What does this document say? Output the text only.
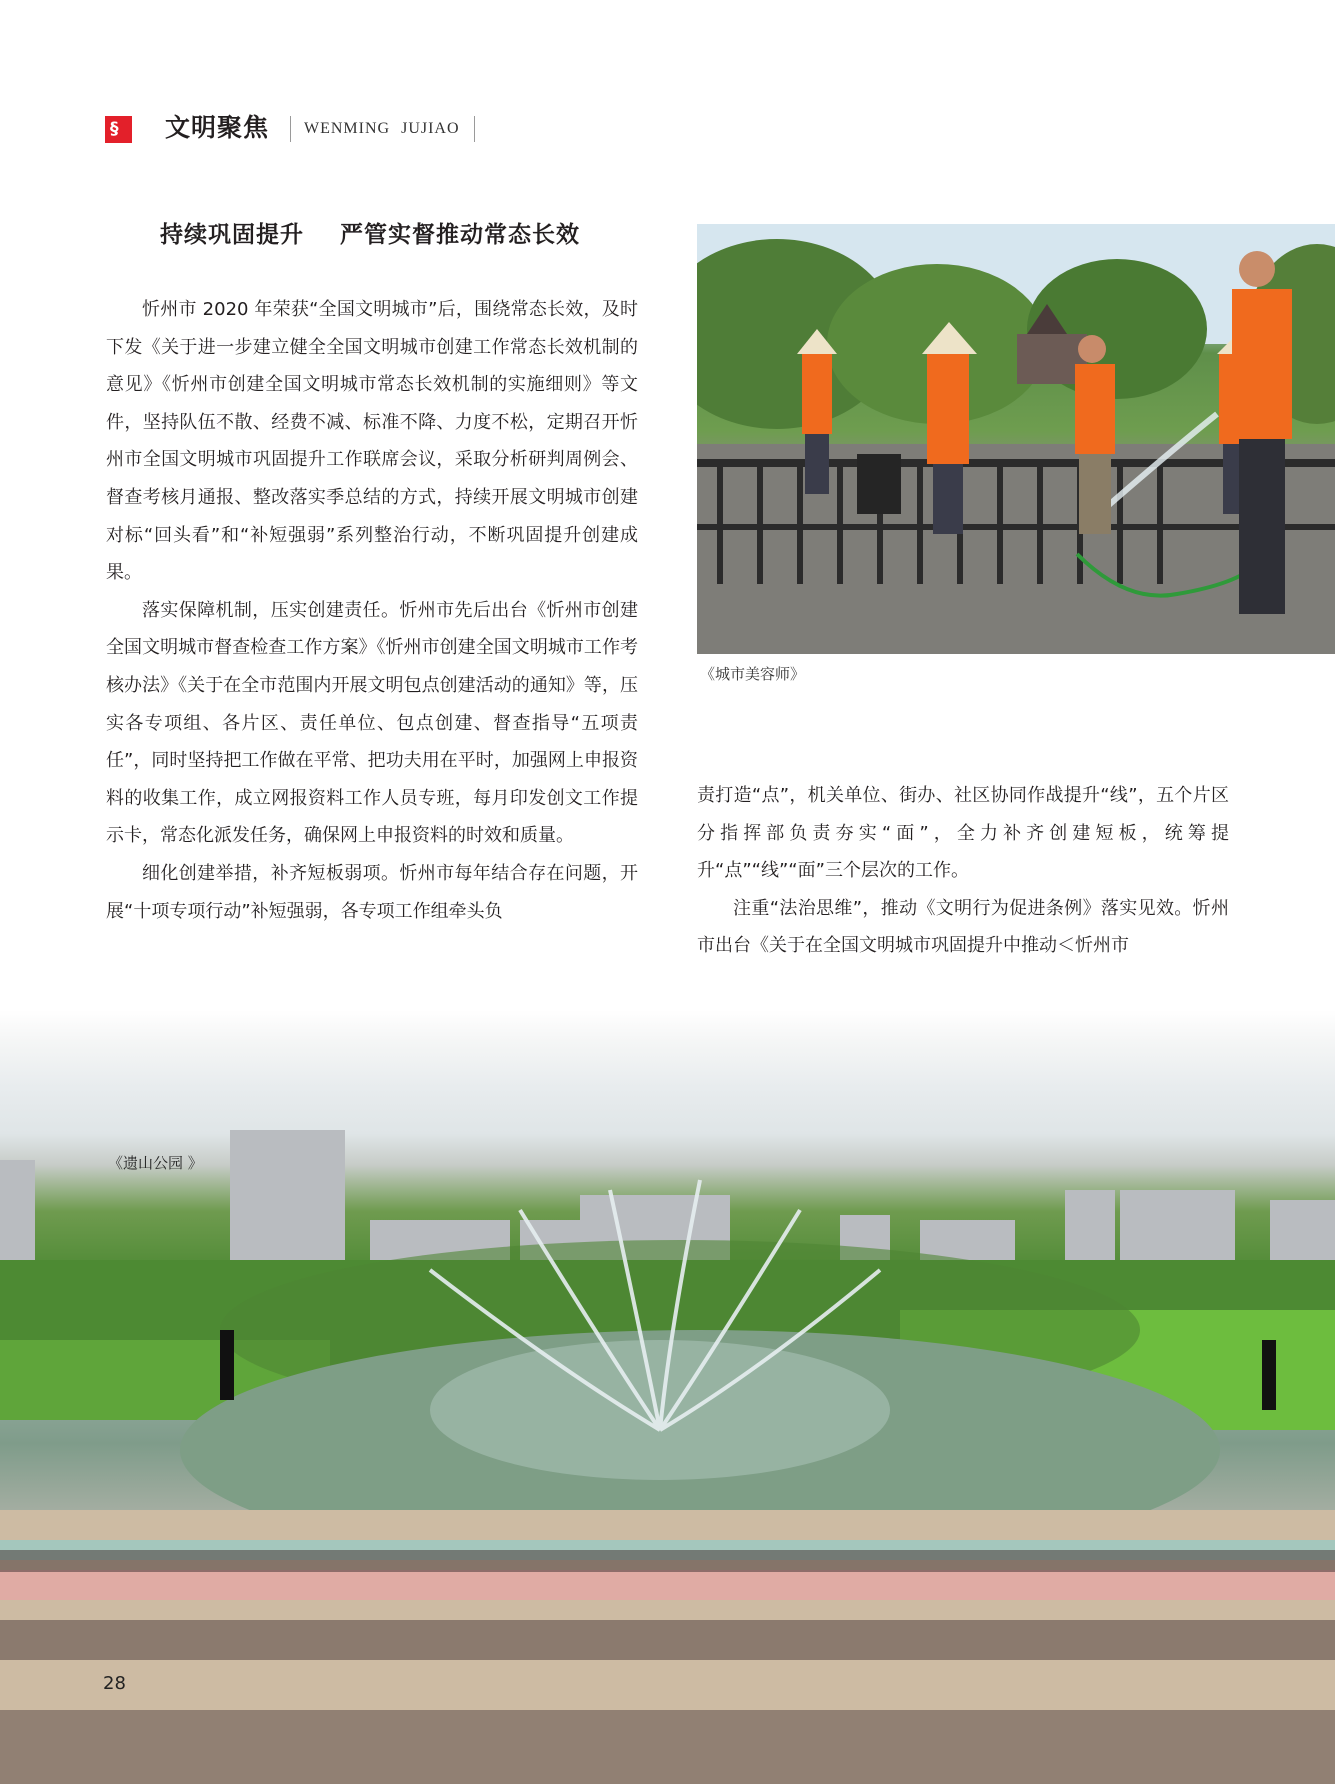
§ 文明聚焦 WENMING JUJIAO
持续巩固提升    严管实督推动常态长效

忻州市 2020 年荣获“全国文明城市”后，围绕常态长效，及时下发《关于进一步建立健全全国文明城市创建工作常态长效机制的意见》《忻州市创建全国文明城市常态长效机制的实施细则》等文件，坚持队伍不散、经费不减、标准不降、力度不松，定期召开忻州市全国文明城市巩固提升工作联席会议，采取分析研判周例会、督查考核月通报、整改落实季总结的方式，持续开展文明城市创建对标“回头看”和“补短强弱”系列整治行动，不断巩固提升创建成果。

落实保障机制，压实创建责任。忻州市先后出台《忻州市创建全国文明城市督查检查工作方案》《忻州市创建全国文明城市工作考核办法》《关于在全市范围内开展文明包点创建活动的通知》等，压实各专项组、各片区、责任单位、包点创建、督查指导“五项责任”，同时坚持把工作做在平常、把功夫用在平时，加强网上申报资料的收集工作，成立网报资料工作人员专班，每月印发创文工作提示卡，常态化派发任务，确保网上申报资料的时效和质量。

细化创建举措，补齐短板弱项。忻州市每年结合存在问题，开展“十项专项行动”补短强弱，各专项工作组牵头负

《城市美容师》

责打造“点”，机关单位、街办、社区协同作战提升“线”，五个片区分指挥部负责夯实“面”，全力补齐创建短板，统筹提升“点”“线”“面”三个层次的工作。

注重“法治思维”，推动《文明行为促进条例》落实见效。忻州市出台《关于在全国文明城市巩固提升中推动＜忻州市

《遗山公园 》
28
